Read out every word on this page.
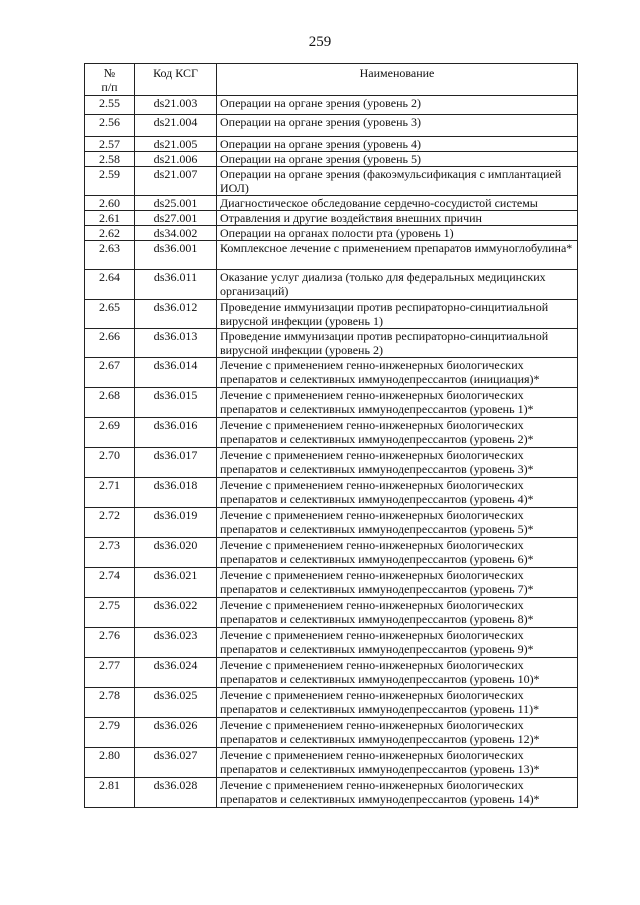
259
№
п/п	Код КСГ	Наименование
2.55	ds21.003	Операции на органе зрения (уровень 2)
2.56	ds21.004	Операции на органе зрения (уровень 3)
2.57	ds21.005	Операции на органе зрения (уровень 4)
2.58	ds21.006	Операции на органе зрения (уровень 5)
2.59	ds21.007	Операции на органе зрения (факоэмульсификация с имплантацией ИОЛ)
2.60	ds25.001	Диагностическое обследование сердечно-сосудистой системы
2.61	ds27.001	Отравления и другие воздействия внешних причин
2.62	ds34.002	Операции на органах полости рта (уровень 1)
2.63	ds36.001	Комплексное лечение с применением препаратов иммуноглобулина*
2.64	ds36.011	Оказание услуг диализа (только для федеральных медицинских организаций)
2.65	ds36.012	Проведение иммунизации против респираторно-синцитиальной вирусной инфекции (уровень 1)
2.66	ds36.013	Проведение иммунизации против респираторно-синцитиальной вирусной инфекции (уровень 2)
2.67	ds36.014	Лечение с применением генно-инженерных биологических препаратов и селективных иммунодепрессантов (инициация)*
2.68	ds36.015	Лечение с применением генно-инженерных биологических препаратов и селективных иммунодепрессантов (уровень 1)*
2.69	ds36.016	Лечение с применением генно-инженерных биологических препаратов и селективных иммунодепрессантов (уровень 2)*
2.70	ds36.017	Лечение с применением генно-инженерных биологических препаратов и селективных иммунодепрессантов (уровень 3)*
2.71	ds36.018	Лечение с применением генно-инженерных биологических препаратов и селективных иммунодепрессантов (уровень 4)*
2.72	ds36.019	Лечение с применением генно-инженерных биологических препаратов и селективных иммунодепрессантов (уровень 5)*
2.73	ds36.020	Лечение с применением генно-инженерных биологических препаратов и селективных иммунодепрессантов (уровень 6)*
2.74	ds36.021	Лечение с применением генно-инженерных биологических препаратов и селективных иммунодепрессантов (уровень 7)*
2.75	ds36.022	Лечение с применением генно-инженерных биологических препаратов и селективных иммунодепрессантов (уровень 8)*
2.76	ds36.023	Лечение с применением генно-инженерных биологических препаратов и селективных иммунодепрессантов (уровень 9)*
2.77	ds36.024	Лечение с применением генно-инженерных биологических препаратов и селективных иммунодепрессантов (уровень 10)*
2.78	ds36.025	Лечение с применением генно-инженерных биологических препаратов и селективных иммунодепрессантов (уровень 11)*
2.79	ds36.026	Лечение с применением генно-инженерных биологических препаратов и селективных иммунодепрессантов (уровень 12)*
2.80	ds36.027	Лечение с применением генно-инженерных биологических препаратов и селективных иммунодепрессантов (уровень 13)*
2.81	ds36.028	Лечение с применением генно-инженерных биологических препаратов и селективных иммунодепрессантов (уровень 14)*
